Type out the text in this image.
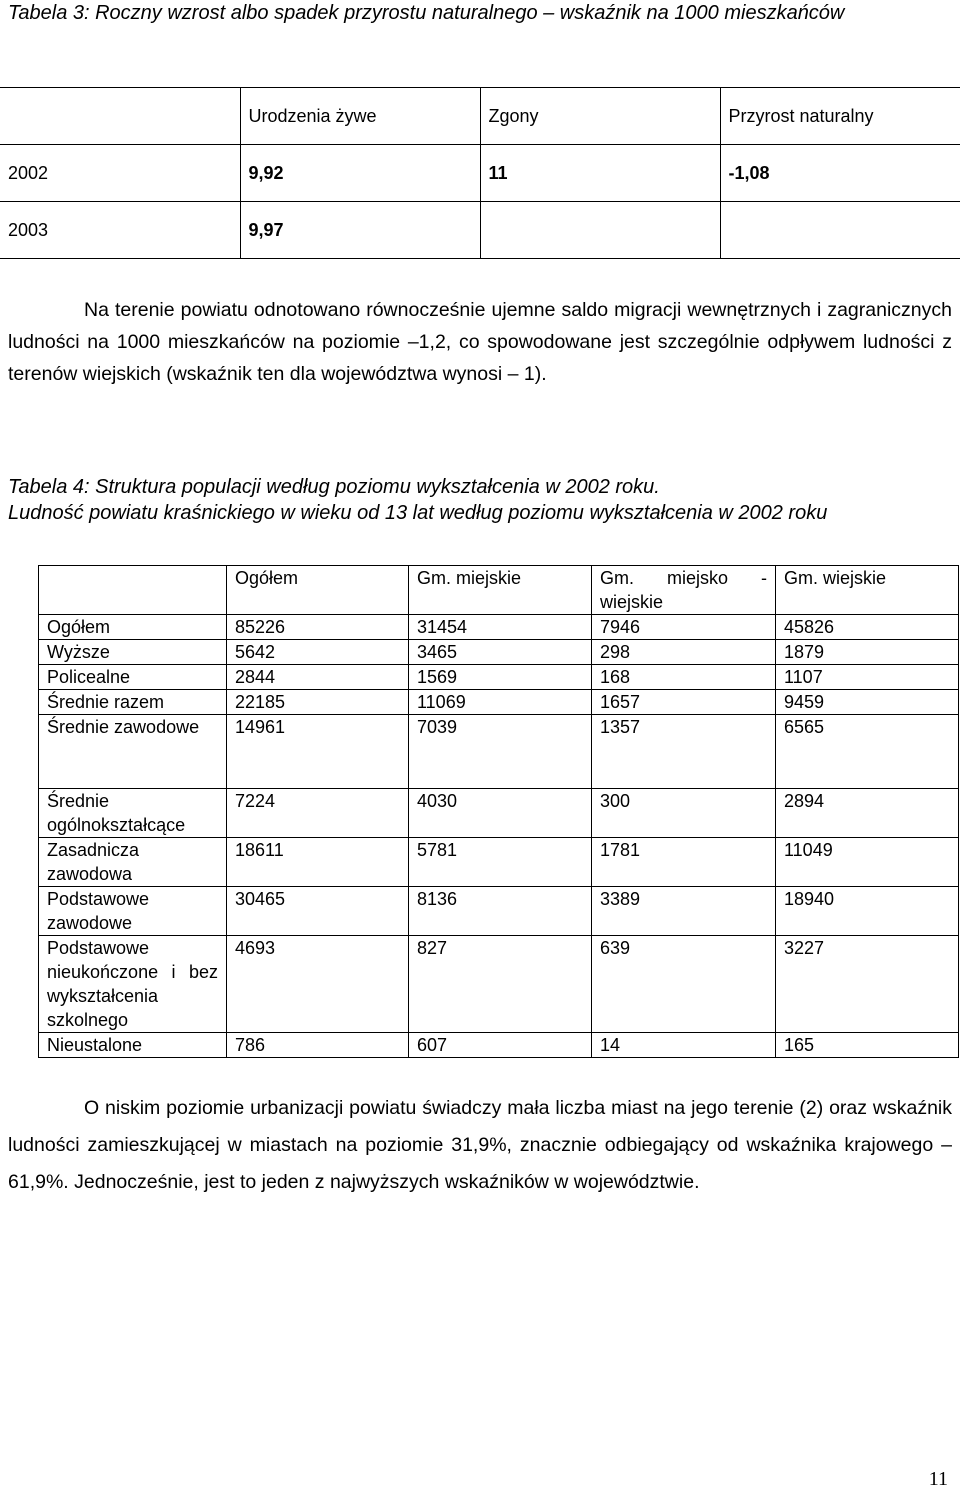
Tabela 3: Roczny wzrost albo spadek przyrostu naturalnego – wskaźnik na 1000 mieszkańców

	Urodzenia żywe	Zgony	Przyrost naturalny
2002	9,92	11	-1,08
2003	9,97		

Na terenie powiatu odnotowano równocześnie ujemne saldo migracji wewnętrznych i zagranicznych ludności na 1000 mieszkańców na poziomie –1,2, co spowodowane jest szczególnie odpływem ludności z terenów wiejskich (wskaźnik ten dla województwa wynosi – 1).

Tabela 4: Struktura populacji według poziomu wykształcenia w 2002 roku.

Ludność powiatu kraśnickiego w wieku od 13 lat według poziomu wykształcenia w 2002 roku

	Ogółem	Gm. miejskie	Gm. miejsko - wiejskie	Gm. wiejskie
Ogółem	85226	31454	7946	45826
Wyższe	5642	3465	298	1879
Policealne	2844	1569	168	1107
Średnie razem	22185	11069	1657	9459
Średnie zawodowe	14961	7039	1357	6565
Średnie ogólnokształcące	7224	4030	300	2894
Zasadnicza zawodowa	18611	5781	1781	11049
Podstawowe zawodowe	30465	8136	3389	18940
Podstawowe nieukończone i bez wykształcenia szkolnego	4693	827	639	3227
Nieustalone	786	607	14	165

O niskim poziomie urbanizacji powiatu świadczy mała liczba miast na jego terenie (2) oraz wskaźnik ludności zamieszkującej w miastach na poziomie 31,9%, znacznie odbiegający od wskaźnika krajowego – 61,9%. Jednocześnie, jest to jeden z najwyższych wskaźników w województwie.

11
